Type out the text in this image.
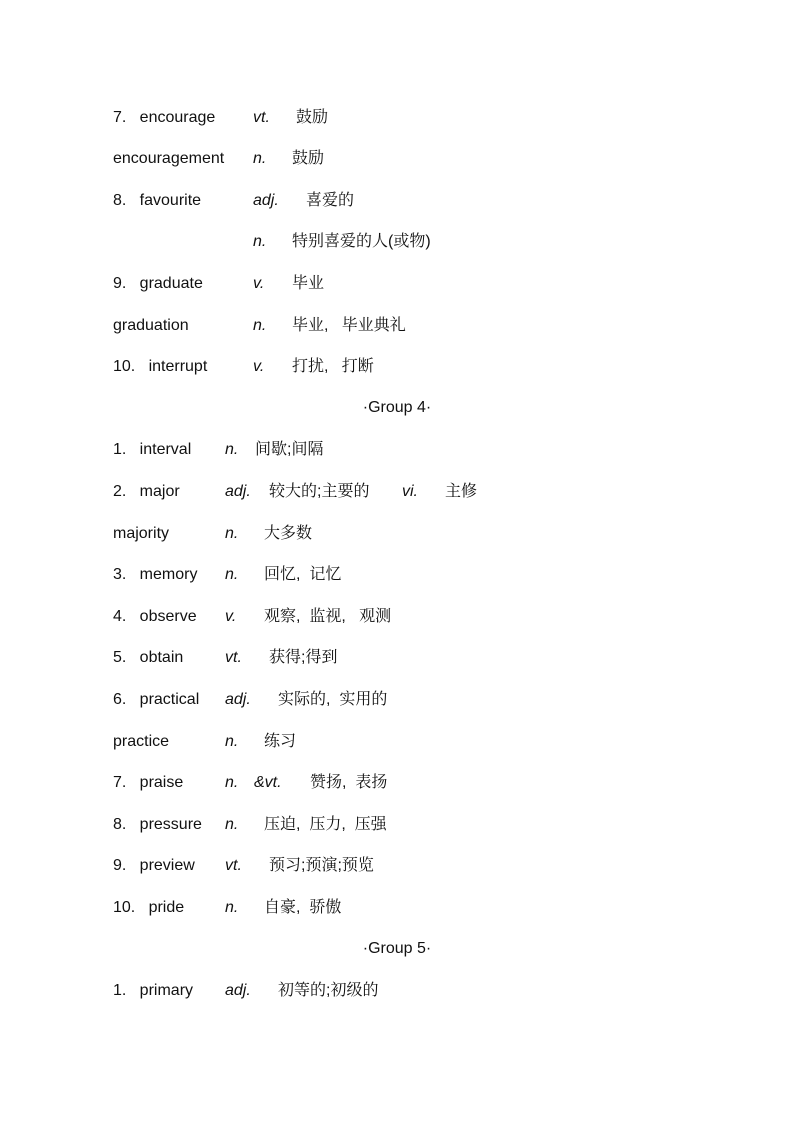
7.   encourage vt. 鼓励
encouragement n. 鼓励
8.   favourite	adj. 喜爱的
n. 特别喜爱的人(或物)
9.   graduate	v. 毕业
graduation	n. 毕业,   毕业典礼
10.   interrupt	v. 打扰,   打断
·Group 4·
1.   interval n. 间歇;间隔
2.   major	adj. 较大的;主要的 vi. 主修
majority	n. 大多数
3.   memory n. 回忆,  记忆
4.   observe v. 观察,  监视,   观测
5.   obtain	vt. 获得;得到
6.   practical adj. 实际的,  实用的
practice	n. 练习
7.   praise	n. &vt. 赞扬,  表扬
8.   pressure n. 压迫,  压力,  压强
9.   preview vt. 预习;预演;预览
10.   pride	n. 自豪,  骄傲
·Group 5·
1.   primary adj. 初等的;初级的
